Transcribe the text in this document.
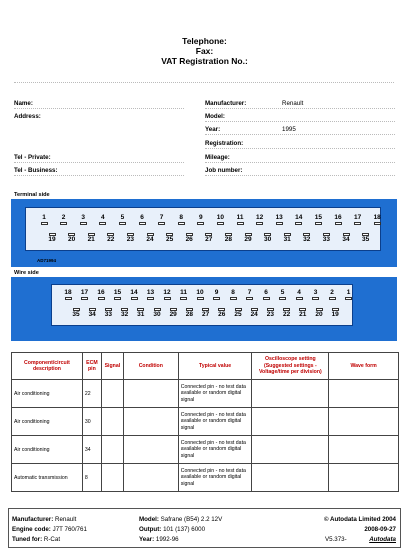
Telephone:
Fax:
VAT Registration No.:
Name:
Address:
Tel - Private:
Tel - Business:
Manufacturer:	Renault
Model:
Year:	1995
Registration:
Mileage:
Job number:
Terminal side
1	2	3	4	5	6	7	8	9	10	11	12	13	14	15	16	17	18
19	20	21	22	23	24	25	26	27	28	29	30	31	32	33	34	35
AD71994
Wire side
18	17	16	15	14	13	12	11	10	9	8	7	6	5	4	3	2	1
35	34	33	32	31	30	29	28	27	26	25	24	23	22	21	20	19
Component/circuit description	ECM pin	Signal	Condition	Typical value	Oscilloscope setting (Suggested settings - Voltage/time per division)	Wave form
Air conditioning	22			Connected pin - no test data available or random digital signal		
Air conditioning	30			Connected pin - no test data available or random digital signal		
Air conditioning	34			Connected pin - no test data available or random digital signal		
Automatic transmission	8			Connected pin - no test data available or random digital signal		
Manufacturer: Renault
Engine code: J7T 760/761
Tuned for: R-Cat
Model: Safrane (B54) 2.2 12V
Output: 101 (137) 6000
Year: 1992-96
© Autodata Limited 2004
2008-09-27
V5.373-	Autodata
